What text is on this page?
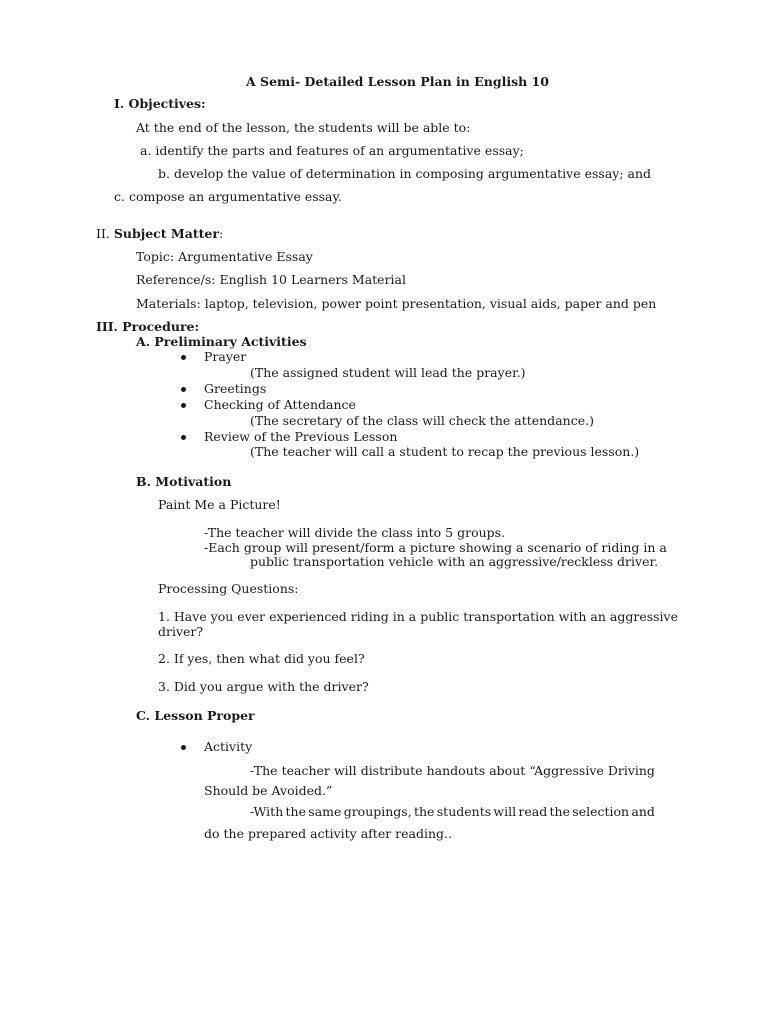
A Semi- Detailed Lesson Plan in English 10
I. Objectives:
At the end of the lesson, the students will be able to:
a. identify the parts and features of an argumentative essay;
b. develop the value of determination in composing argumentative essay; and
c. compose an argumentative essay.
II. Subject Matter:
Topic: Argumentative Essay
Reference/s: English 10 Learners Material
Materials: laptop, television, power point presentation, visual aids, paper and pen
III. Procedure:
A. Preliminary Activities
Prayer
(The assigned student will lead the prayer.)
Greetings
Checking of Attendance
(The secretary of the class will check the attendance.)
Review of the Previous Lesson
(The teacher will call a student to recap the previous lesson.)
B. Motivation
Paint Me a Picture!
-The teacher will divide the class into 5 groups.
-Each group will present/form a picture showing a scenario of riding in a
public transportation vehicle with an aggressive/reckless driver.
Processing Questions:
1. Have you ever experienced riding in a public transportation with an aggressive
driver?
2. If yes, then what did you feel?
3. Did you argue with the driver?
C. Lesson Proper
Activity
-The teacher will distribute handouts about “Aggressive Driving
Should be Avoided.”
-With the same groupings, the students will read the selection and
do the prepared activity after reading..
